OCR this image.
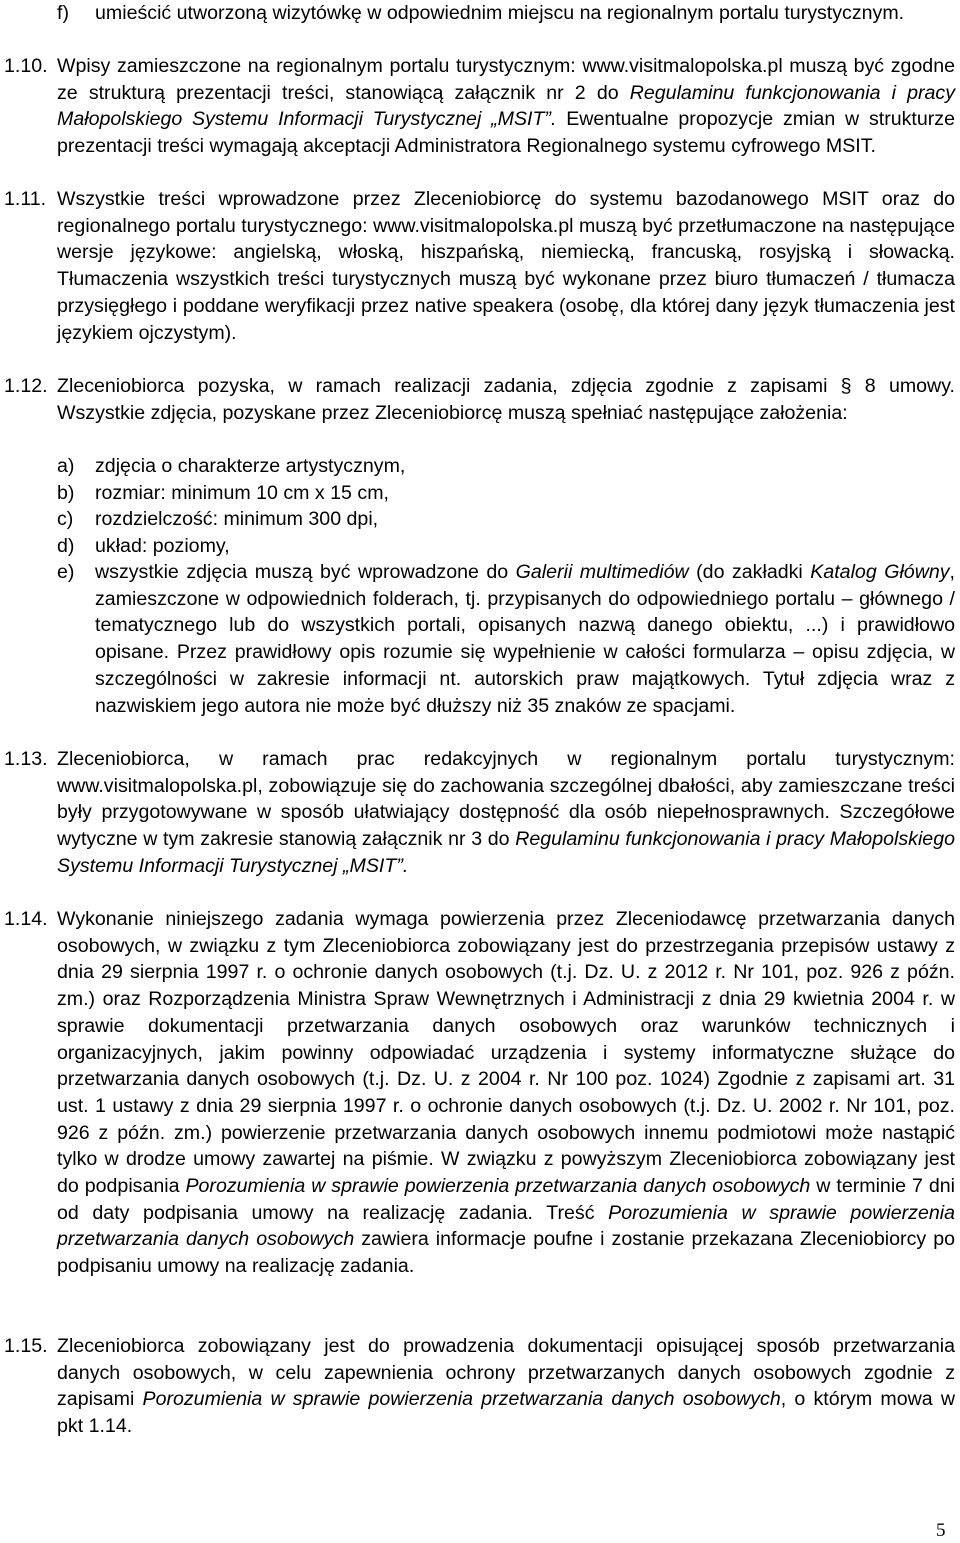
f)	umieścić utworzoną wizytówkę w odpowiednim miejscu na regionalnym portalu turystycznym.
1.10. Wpisy zamieszczone na regionalnym portalu turystycznym: www.visitmalopolska.pl muszą być zgodne ze strukturą prezentacji treści, stanowiącą załącznik nr 2 do Regulaminu funkcjonowania i pracy Małopolskiego Systemu Informacji Turystycznej „MSIT”. Ewentualne propozycje zmian w strukturze prezentacji treści wymagają akceptacji Administratora Regionalnego systemu cyfrowego MSIT.
1.11. Wszystkie treści wprowadzone przez Zleceniobiorcę do systemu bazodanowego MSIT oraz do regionalnego portalu turystycznego: www.visitmalopolska.pl muszą być przetłumaczone na następujące wersje językowe: angielską, włoską, hiszpańską, niemiecką, francuską, rosyjską i słowacką. Tłumaczenia wszystkich treści turystycznych muszą być wykonane przez biuro tłumaczeń / tłumacza przysięgłego i poddane weryfikacji przez native speakera (osobę, dla której dany język tłumaczenia jest językiem ojczystym).
1.12. Zleceniobiorca pozyska, w ramach realizacji zadania, zdjęcia zgodnie z zapisami § 8 umowy. Wszystkie zdjęcia, pozyskane przez Zleceniobiorcę muszą spełniać następujące założenia:
a)	zdjęcia o charakterze artystycznym,
b)	rozmiar: minimum 10 cm x 15 cm,
c)	rozdzielczość: minimum 300 dpi,
d)	układ: poziomy,
e)	wszystkie zdjęcia muszą być wprowadzone do Galerii multimediów (do zakładki Katalog Główny, zamieszczone w odpowiednich folderach, tj. przypisanych do odpowiedniego portalu – głównego / tematycznego lub do wszystkich portali, opisanych nazwą danego obiektu, ...) i prawidłowo opisane. Przez prawidłowy opis rozumie się wypełnienie w całości formularza – opisu zdjęcia, w szczególności w zakresie informacji nt. autorskich praw majątkowych. Tytuł zdjęcia wraz z nazwiskiem jego autora nie może być dłuższy niż 35 znaków ze spacjami.
1.13. Zleceniobiorca, w ramach prac redakcyjnych w regionalnym portalu turystycznym: www.visitmalopolska.pl, zobowiązuje się do zachowania szczególnej dbałości, aby zamieszczane treści były przygotowywane w sposób ułatwiający dostępność dla osób niepełnosprawnych. Szczegółowe wytyczne w tym zakresie stanowią załącznik nr 3 do Regulaminu funkcjonowania i pracy Małopolskiego Systemu Informacji Turystycznej „MSIT”.
1.14. Wykonanie niniejszego zadania wymaga powierzenia przez Zleceniodawcę przetwarzania danych osobowych, w związku z tym Zleceniobiorca zobowiązany jest do przestrzegania przepisów ustawy z dnia 29 sierpnia 1997 r. o ochronie danych osobowych (t.j. Dz. U. z 2012 r. Nr 101, poz. 926 z późn. zm.) oraz Rozporządzenia Ministra Spraw Wewnętrznych i Administracji z dnia 29 kwietnia 2004 r. w sprawie dokumentacji przetwarzania danych osobowych oraz warunków technicznych i organizacyjnych, jakim powinny odpowiadać urządzenia i systemy informatyczne służące do przetwarzania danych osobowych (t.j. Dz. U. z 2004 r. Nr 100 poz. 1024) Zgodnie z zapisami art. 31 ust. 1 ustawy z dnia 29 sierpnia 1997 r. o ochronie danych osobowych (t.j. Dz. U. 2002 r. Nr 101, poz. 926 z późn. zm.) powierzenie przetwarzania danych osobowych innemu podmiotowi może nastąpić tylko w drodze umowy zawartej na piśmie. W związku z powyższym Zleceniobiorca zobowiązany jest do podpisania Porozumienia w sprawie powierzenia przetwarzania danych osobowych w terminie 7 dni od daty podpisania umowy na realizację zadania. Treść Porozumienia w sprawie powierzenia przetwarzania danych osobowych zawiera informacje poufne i zostanie przekazana Zleceniobiorcy po podpisaniu umowy na realizację zadania.
1.15. Zleceniobiorca zobowiązany jest do prowadzenia dokumentacji opisującej sposób przetwarzania danych osobowych, w celu zapewnienia ochrony przetwarzanych danych osobowych zgodnie z zapisami Porozumienia w sprawie powierzenia przetwarzania danych osobowych, o którym mowa w pkt 1.14.
5
